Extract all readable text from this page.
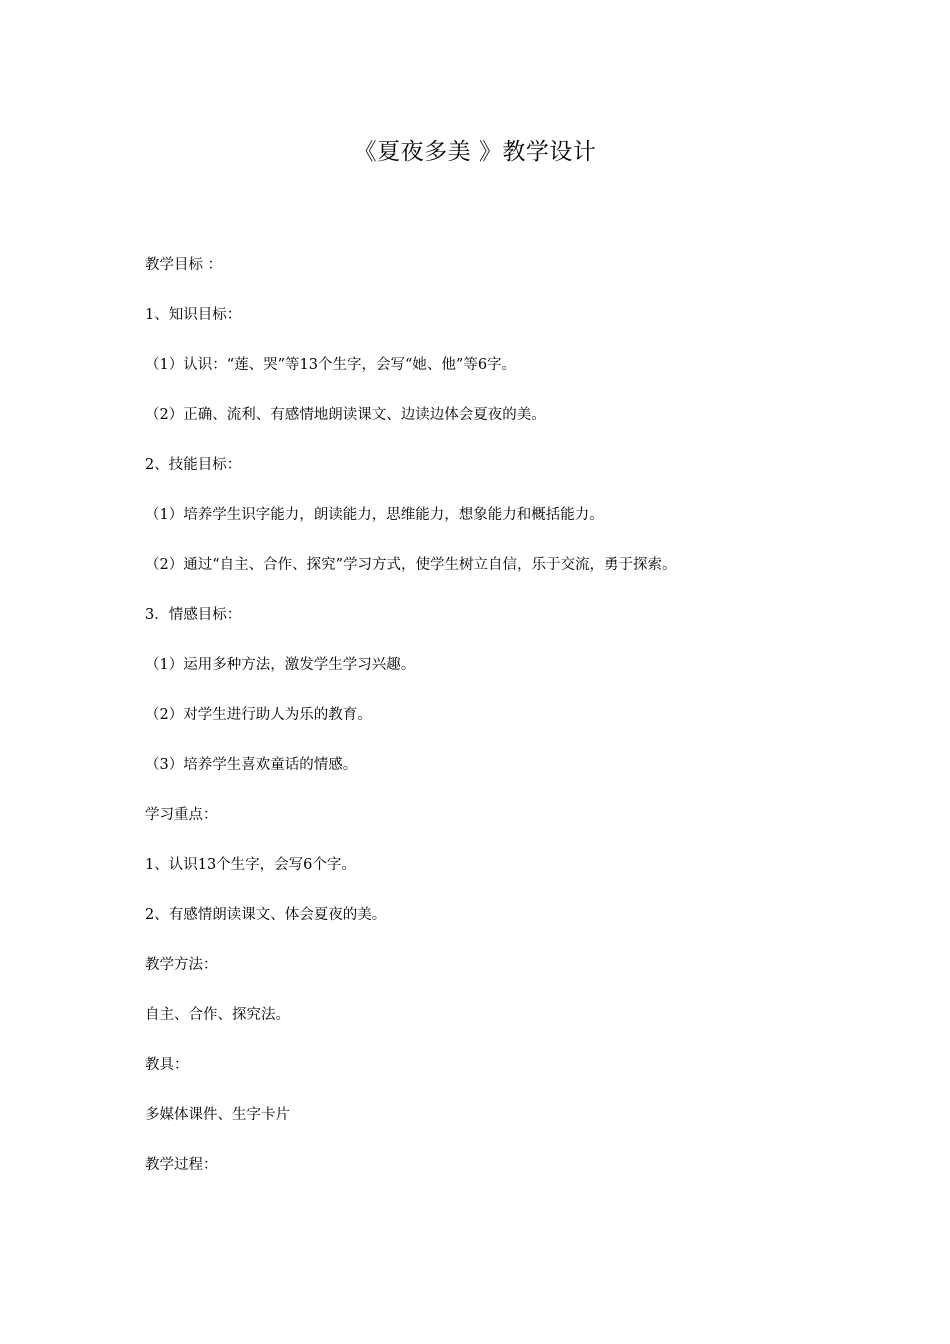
《夏夜多美 》教学设计
教学目标 ：
1、知识目标：
（1）认识：“莲、哭”等13个生字，会写“她、他”等6字。
（2）正确、流利、有感情地朗读课文、边读边体会夏夜的美。
2、技能目标：
（1）培养学生识字能力，朗读能力，思维能力，想象能力和概括能力。
（2）通过“自主、合作、探究”学习方式，使学生树立自信，乐于交流，勇于探索。
3．情感目标：
（1）运用多种方法，激发学生学习兴趣。
（2）对学生进行助人为乐的教育。
（3）培养学生喜欢童话的情感。
学习重点：
1、认识13个生字，会写6个字。
2、有感情朗读课文、体会夏夜的美。
教学方法：
自主、合作、探究法。
教具：
多媒体课件、生字卡片
教学过程：
